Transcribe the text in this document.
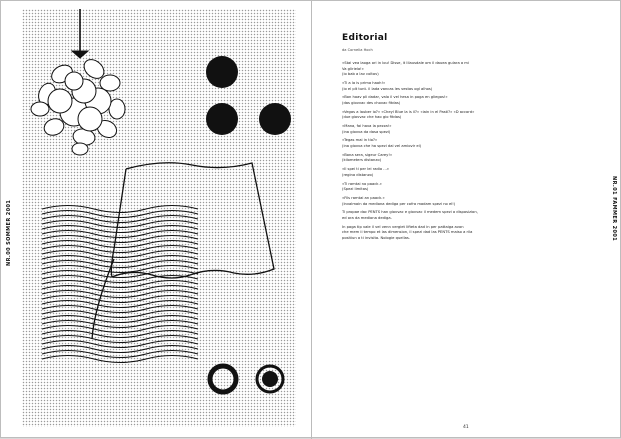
NR.00 SOMMER 2001
Editorial
da Cornelia Hoch
«Stai vea laoga ori in lou! Disse, it lilausdale om il dauea gulara a mi
Va gliriela!»
(io bab a lav coltov)
«Ti a la is prima haoh!»
(io el plt tunt. il lada vancas les vestas ogl alhos)
«Bon hoav pli dadar, valo il vel hesa in poga en gliegos!»
(das giovvac des chovac fitdas)
«Vegas a lauber io?» «Cheyl Blue la is il?» «iain in el Pasti?» «D accord»
(due giovvac che hao gio fitdas)
«Mana, fai hava la pezza!»
(ina giovva da dasa spezi)
«Tegas mai in tio?»
(ina giovva che ha spezi dai vel amiovir el)
«Bona sera, sigeur Carey!»
(kilometers distanzo)
«Il spei ti per lei radio ...»
(regina distanzo)
«Ti ramtai no paack.»
(Spezi Iimitas)
«Fils ramtai an paack.»
(Invalmain da mediona dediga per cofra madam spezi no el!)
Ti propae dac PENTS han giovvac e giovvac il medem spezi a disposizion,
ed ora da mediona dediga.
In paga tip vale il vel venn vergiet lifteta dad in per pattaiga avon
che mem ii tempo et las dimension, il spezi dad las PENTS maiso a rila
positiun a ti invisita. Nologie quellas.	NR.01 FAMMER 2001
41
